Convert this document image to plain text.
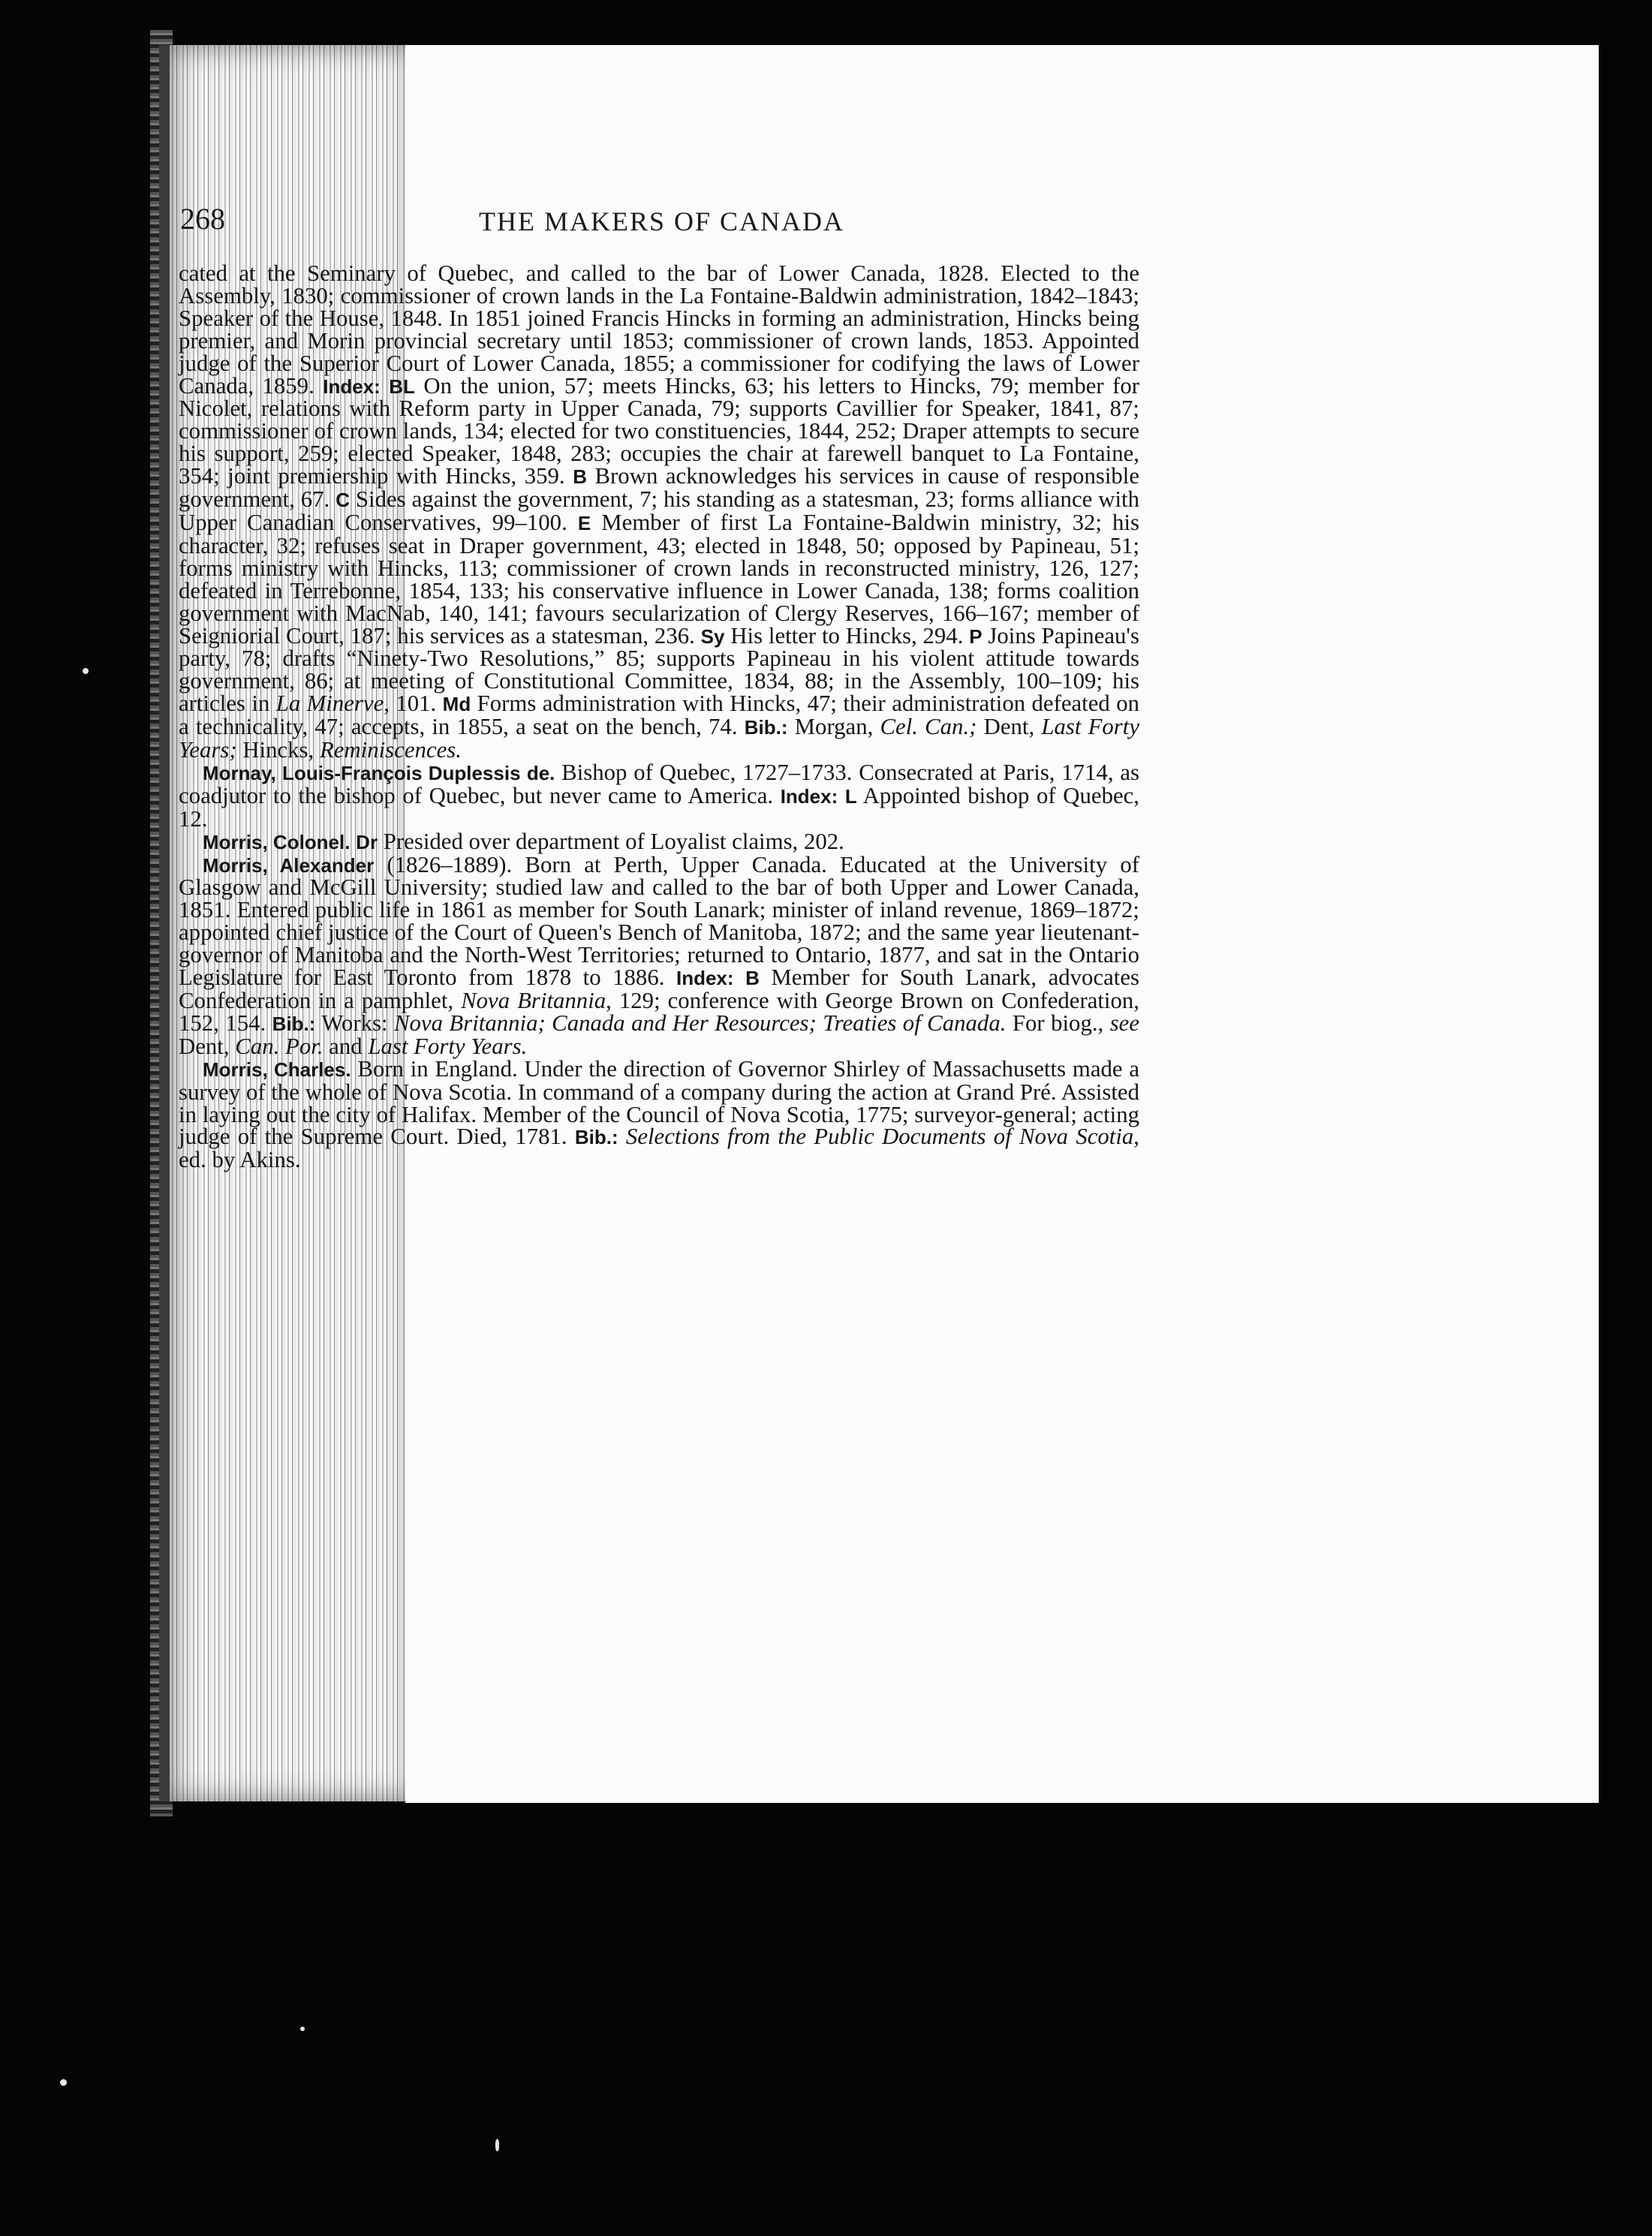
268	THE MAKERS OF CANADA

cated at the Seminary of Quebec, and called to the bar of Lower Canada, 1828. Elected to the Assembly, 1830; commissioner of crown lands in the La Fontaine-Baldwin administration, 1842–1843; Speaker of the House, 1848. In 1851 joined Francis Hincks in forming an administration, Hincks being premier, and Morin provincial secretary until 1853; commissioner of crown lands, 1853. Appointed judge of the Superior Court of Lower Canada, 1855; a commissioner for codifying the laws of Lower Canada, 1859. Index: BL On the union, 57; meets Hincks, 63; his letters to Hincks, 79; member for Nicolet, relations with Reform party in Upper Canada, 79; supports Cavillier for Speaker, 1841, 87; commissioner of crown lands, 134; elected for two constituencies, 1844, 252; Draper attempts to secure his support, 259; elected Speaker, 1848, 283; occupies the chair at farewell banquet to La Fontaine, 354; joint premiership with Hincks, 359. B Brown acknowledges his services in cause of responsible government, 67. C Sides against the government, 7; his standing as a statesman, 23; forms alliance with Upper Canadian Conservatives, 99–100. E Member of first La Fontaine-Baldwin ministry, 32; his character, 32; refuses seat in Draper government, 43; elected in 1848, 50; opposed by Papineau, 51; forms ministry with Hincks, 113; commissioner of crown lands in reconstructed ministry, 126, 127; defeated in Terrebonne, 1854, 133; his conservative influence in Lower Canada, 138; forms coalition government with MacNab, 140, 141; favours secularization of Clergy Reserves, 166–167; member of Seigniorial Court, 187; his services as a statesman, 236. Sy His letter to Hincks, 294. P Joins Papineau's party, 78; drafts “Ninety-Two Resolutions,” 85; supports Papineau in his violent attitude towards government, 86; at meeting of Constitutional Committee, 1834, 88; in the Assembly, 100–109; his articles in La Minerve, 101. Md Forms administration with Hincks, 47; their administration defeated on a technicality, 47; accepts, in 1855, a seat on the bench, 74. Bib.: Morgan, Cel. Can.; Dent, Last Forty Years; Hincks, Reminiscences.

Mornay, Louis-François Duplessis de. Bishop of Quebec, 1727–1733. Consecrated at Paris, 1714, as coadjutor to the bishop of Quebec, but never came to America. Index: L Appointed bishop of Quebec, 12.

Morris, Colonel. Dr Presided over department of Loyalist claims, 202.

Morris, Alexander (1826–1889). Born at Perth, Upper Canada. Educated at the University of Glasgow and McGill University; studied law and called to the bar of both Upper and Lower Canada, 1851. Entered public life in 1861 as member for South Lanark; minister of inland revenue, 1869–1872; appointed chief justice of the Court of Queen's Bench of Manitoba, 1872; and the same year lieutenant-governor of Manitoba and the North-West Territories; returned to Ontario, 1877, and sat in the Ontario Legislature for East Toronto from 1878 to 1886. Index: B Member for South Lanark, advocates Confederation in a pamphlet, Nova Britannia, 129; conference with George Brown on Confederation, 152, 154. Bib.: Works: Nova Britannia; Canada and Her Resources; Treaties of Canada. For biog., see Dent, Can. Por. and Last Forty Years.

Morris, Charles. Born in England. Under the direction of Governor Shirley of Massachusetts made a survey of the whole of Nova Scotia. In command of a company during the action at Grand Pré. Assisted in laying out the city of Halifax. Member of the Council of Nova Scotia, 1775; surveyor-general; acting judge of the Supreme Court. Died, 1781. Bib.: Selections from the Public Documents of Nova Scotia, ed. by Akins.
